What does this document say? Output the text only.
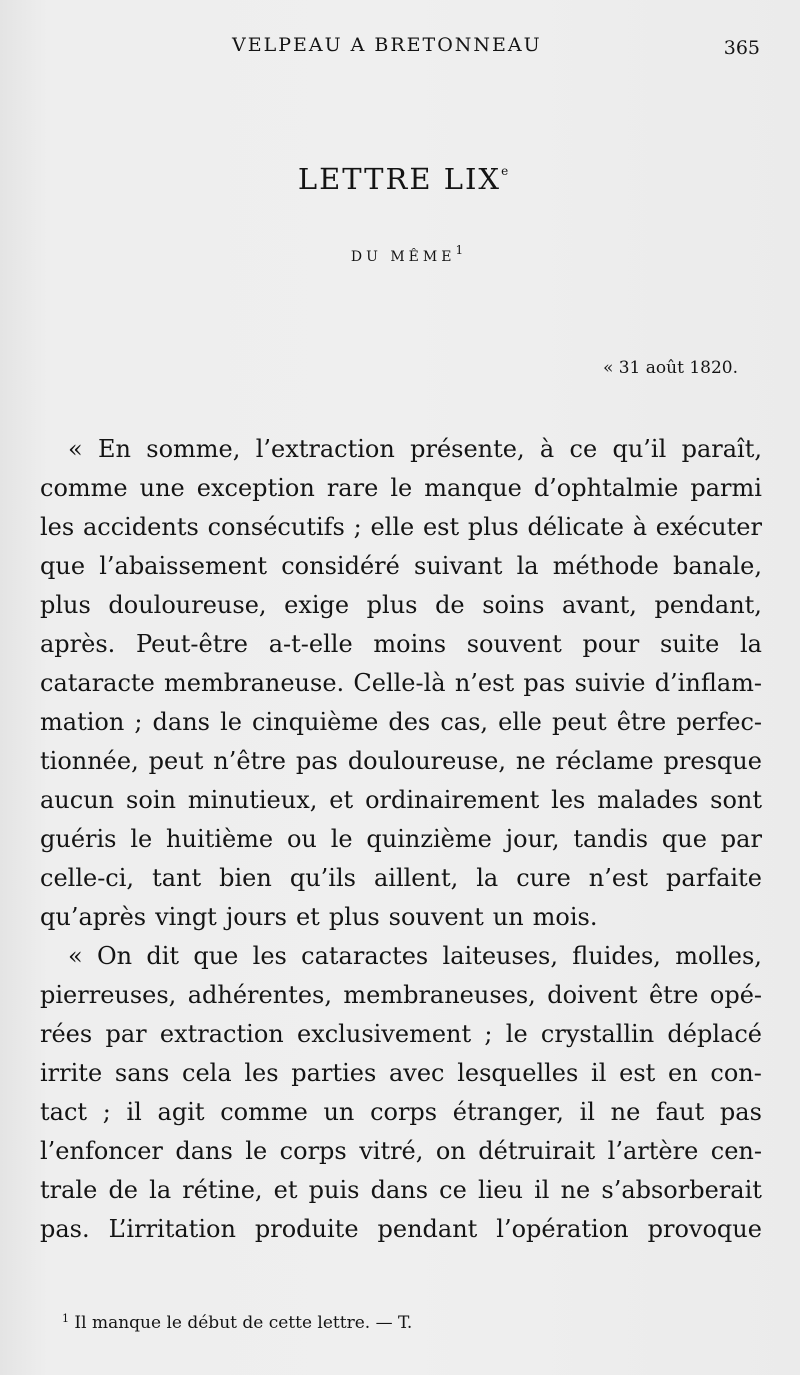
VELPEAU A BRETONNEAU	365
LETTRE LIXe
DU MÊME$^1$
« 31 août 1820.
« En somme, l’extraction présente, à ce qu’il paraît,
comme une exception rare le manque d’ophtalmie parmi
les accidents consécutifs ; elle est plus délicate à exécuter
que l’abaissement considéré suivant la méthode banale,
plus douloureuse, exige plus de soins avant, pendant,
après. Peut-être a-t-elle moins souvent pour suite la
cataracte membraneuse. Celle-là n’est pas suivie d’inflam-
mation ; dans le cinquième des cas, elle peut être perfec-
tionnée, peut n’être pas douloureuse, ne réclame presque
aucun soin minutieux, et ordinairement les malades sont
guéris le huitième ou le quinzième jour, tandis que par
celle-ci, tant bien qu’ils aillent, la cure n’est parfaite
qu’après vingt jours et plus souvent un mois.
« On dit que les cataractes laiteuses, fluides, molles,
pierreuses, adhérentes, membraneuses, doivent être opé-
rées par extraction exclusivement ; le crystallin déplacé
irrite sans cela les parties avec lesquelles il est en con-
tact ; il agit comme un corps étranger, il ne faut pas
l’enfoncer dans le corps vitré, on détruirait l’artère cen-
trale de la rétine, et puis dans ce lieu il ne s’absorberait
pas. L’irritation produite pendant l’opération provoque
$^1$ Il manque le début de cette lettre. — T.
